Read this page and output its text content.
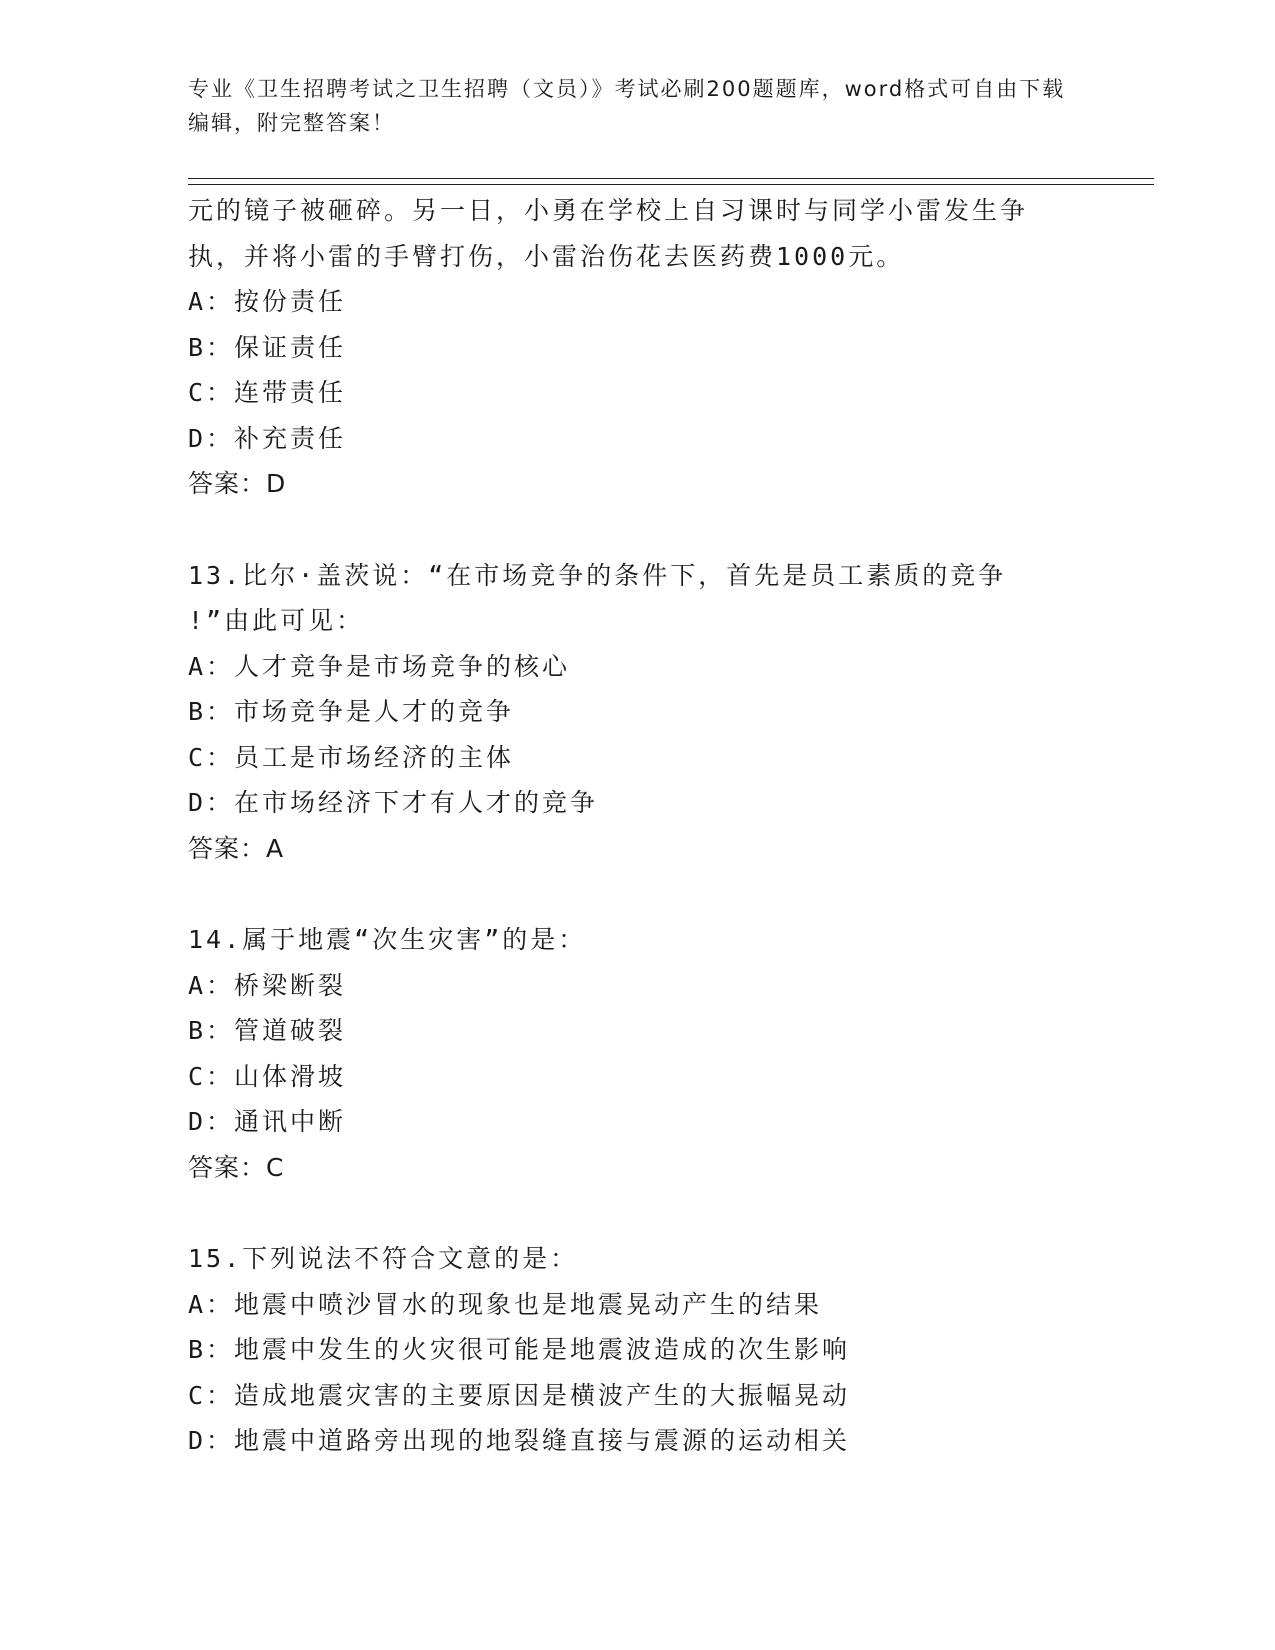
专业《卫生招聘考试之卫生招聘（文员）》考试必刷200题题库，word格式可自由下载编辑，附完整答案！
元的镜子被砸碎。另一日，小勇在学校上自习课时与同学小雷发生争
执，并将小雷的手臂打伤，小雷治伤花去医药费1000元。
A：按份责任
B：保证责任
C：连带责任
D：补充责任
答案：D
13.比尔·盖茨说：“在市场竞争的条件下，首先是员工素质的竞争
!”由此可见：
A：人才竞争是市场竞争的核心
B：市场竞争是人才的竞争
C：员工是市场经济的主体
D：在市场经济下才有人才的竞争
答案：A
14.属于地震“次生灾害”的是：
A：桥梁断裂
B：管道破裂
C：山体滑坡
D：通讯中断
答案：C
15.下列说法不符合文意的是：
A：地震中喷沙冒水的现象也是地震晃动产生的结果
B：地震中发生的火灾很可能是地震波造成的次生影响
C：造成地震灾害的主要原因是横波产生的大振幅晃动
D：地震中道路旁出现的地裂缝直接与震源的运动相关
